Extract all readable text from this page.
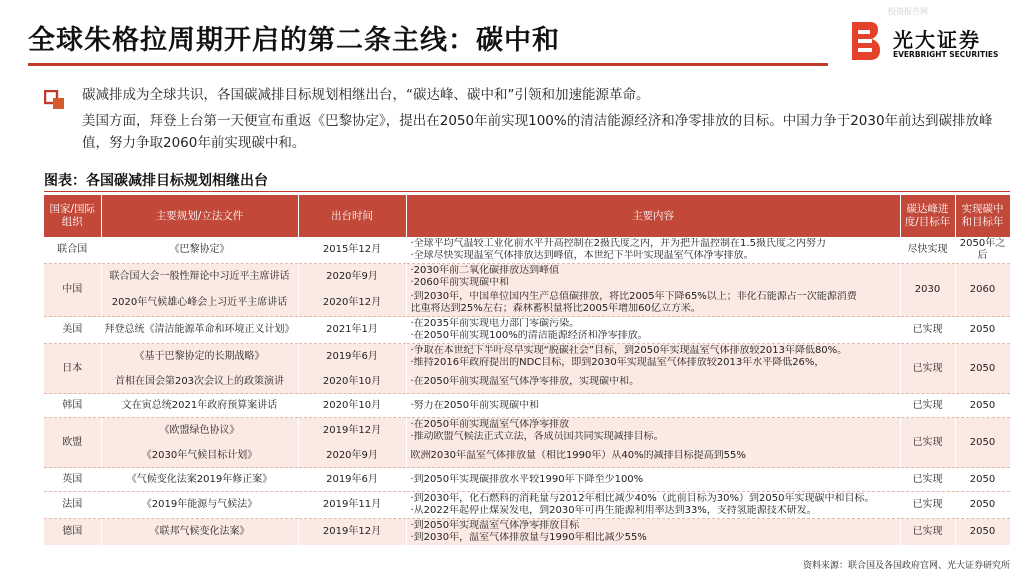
全球朱格拉周期开启的第二条主线：碳中和
投资报告网
光大证券
EVERBRIGHT SECURITIES

碳减排成为全球共识，各国碳减排目标规划相继出台，“碳达峰、碳中和”引领和加速能源革命。

美国方面，拜登上台第一天便宣布重返《巴黎协定》，提出在2050年前实现100%的清洁能源经济和净零排放的目标。中国力争于2030年前达到碳排放峰值，努力争取2060年前实现碳中和。

图表：各国碳减排目标规划相继出台
国家/国际组织	主要规划/立法文件	出台时间	主要内容	碳达峰进度/目标年	实现碳中和目标年
联合国	《巴黎协定》	2015年12月	·全球平均气温较工业化前水平升高控制在2摄氏度之内，并为把升温控制在1.5摄氏度之内努力
·全球尽快实现温室气体排放达到峰值，本世纪下半叶实现温室气体净零排放。	尽快实现	2050年之后
中国	联合国大会一般性辩论中习近平主席讲话	2020年9月	·2030年前二氧化碳排放达到峰值
·2060年前实现碳中和	2030	2060
	2020年气候雄心峰会上习近平主席讲话	2020年12月	·到2030年，中国单位国内生产总值碳排放，将比2005年下降65%以上；非化石能源占一次能源消费
比重将达到25%左右；森林蓄积量将比2005年增加60亿立方米。		

美国	拜登总统《清洁能源革命和环境正义计划》	2021年1月	·在2035年前实现电力部门零碳污染。
·在2050年前实现100%的清洁能源经济和净零排放。	已实现	2050
日本	《基于巴黎协定的长期战略》	2019年6月	·争取在本世纪下半叶尽早实现“脱碳社会”目标，到2050年实现温室气体排放较2013年降低80%。
·维持2016年政府提出的NDC目标，即到2030年实现温室气体排放较2013年水平降低26%，	已实现	2050
	首相在国会第203次会议上的政策演讲	2020年10月	·在2050年前实现温室气体净零排放，实现碳中和。		

韩国	文在寅总统2021年政府预算案讲话	2020年10月	·努力在2050年前实现碳中和	已实现	2050
欧盟	《欧盟绿色协议》	2019年12月	·在2050年前实现温室气体净零排放
·推动欧盟气候法正式立法，各成员国共同实现减排目标。	已实现	2050
	《2030年气候目标计划》	2020年9月	欧洲2030年温室气体排放量（相比1990年）从40%的减排目标提高到55%		

英国	《气候变化法案2019年修正案》	2019年6月	·到2050年实现碳排放水平较1990年下降至少100%	已实现	2050
法国	《2019年能源与气候法》	2019年11月	·到2030年，化石燃料的消耗量与2012年相比减少40%（此前目标为30%）到2050年实现碳中和目标。
·从2022年起停止煤炭发电，到2030年可再生能源利用率达到33%，支持氢能源技术研发。	已实现	2050
德国	《联邦气候变化法案》	2019年12月	·到2050年实现温室气体净零排放目标
·到2030年，温室气体排放量与1990年相比减少55%	已实现	2050
资料来源：联合国及各国政府官网、光大证券研究所
